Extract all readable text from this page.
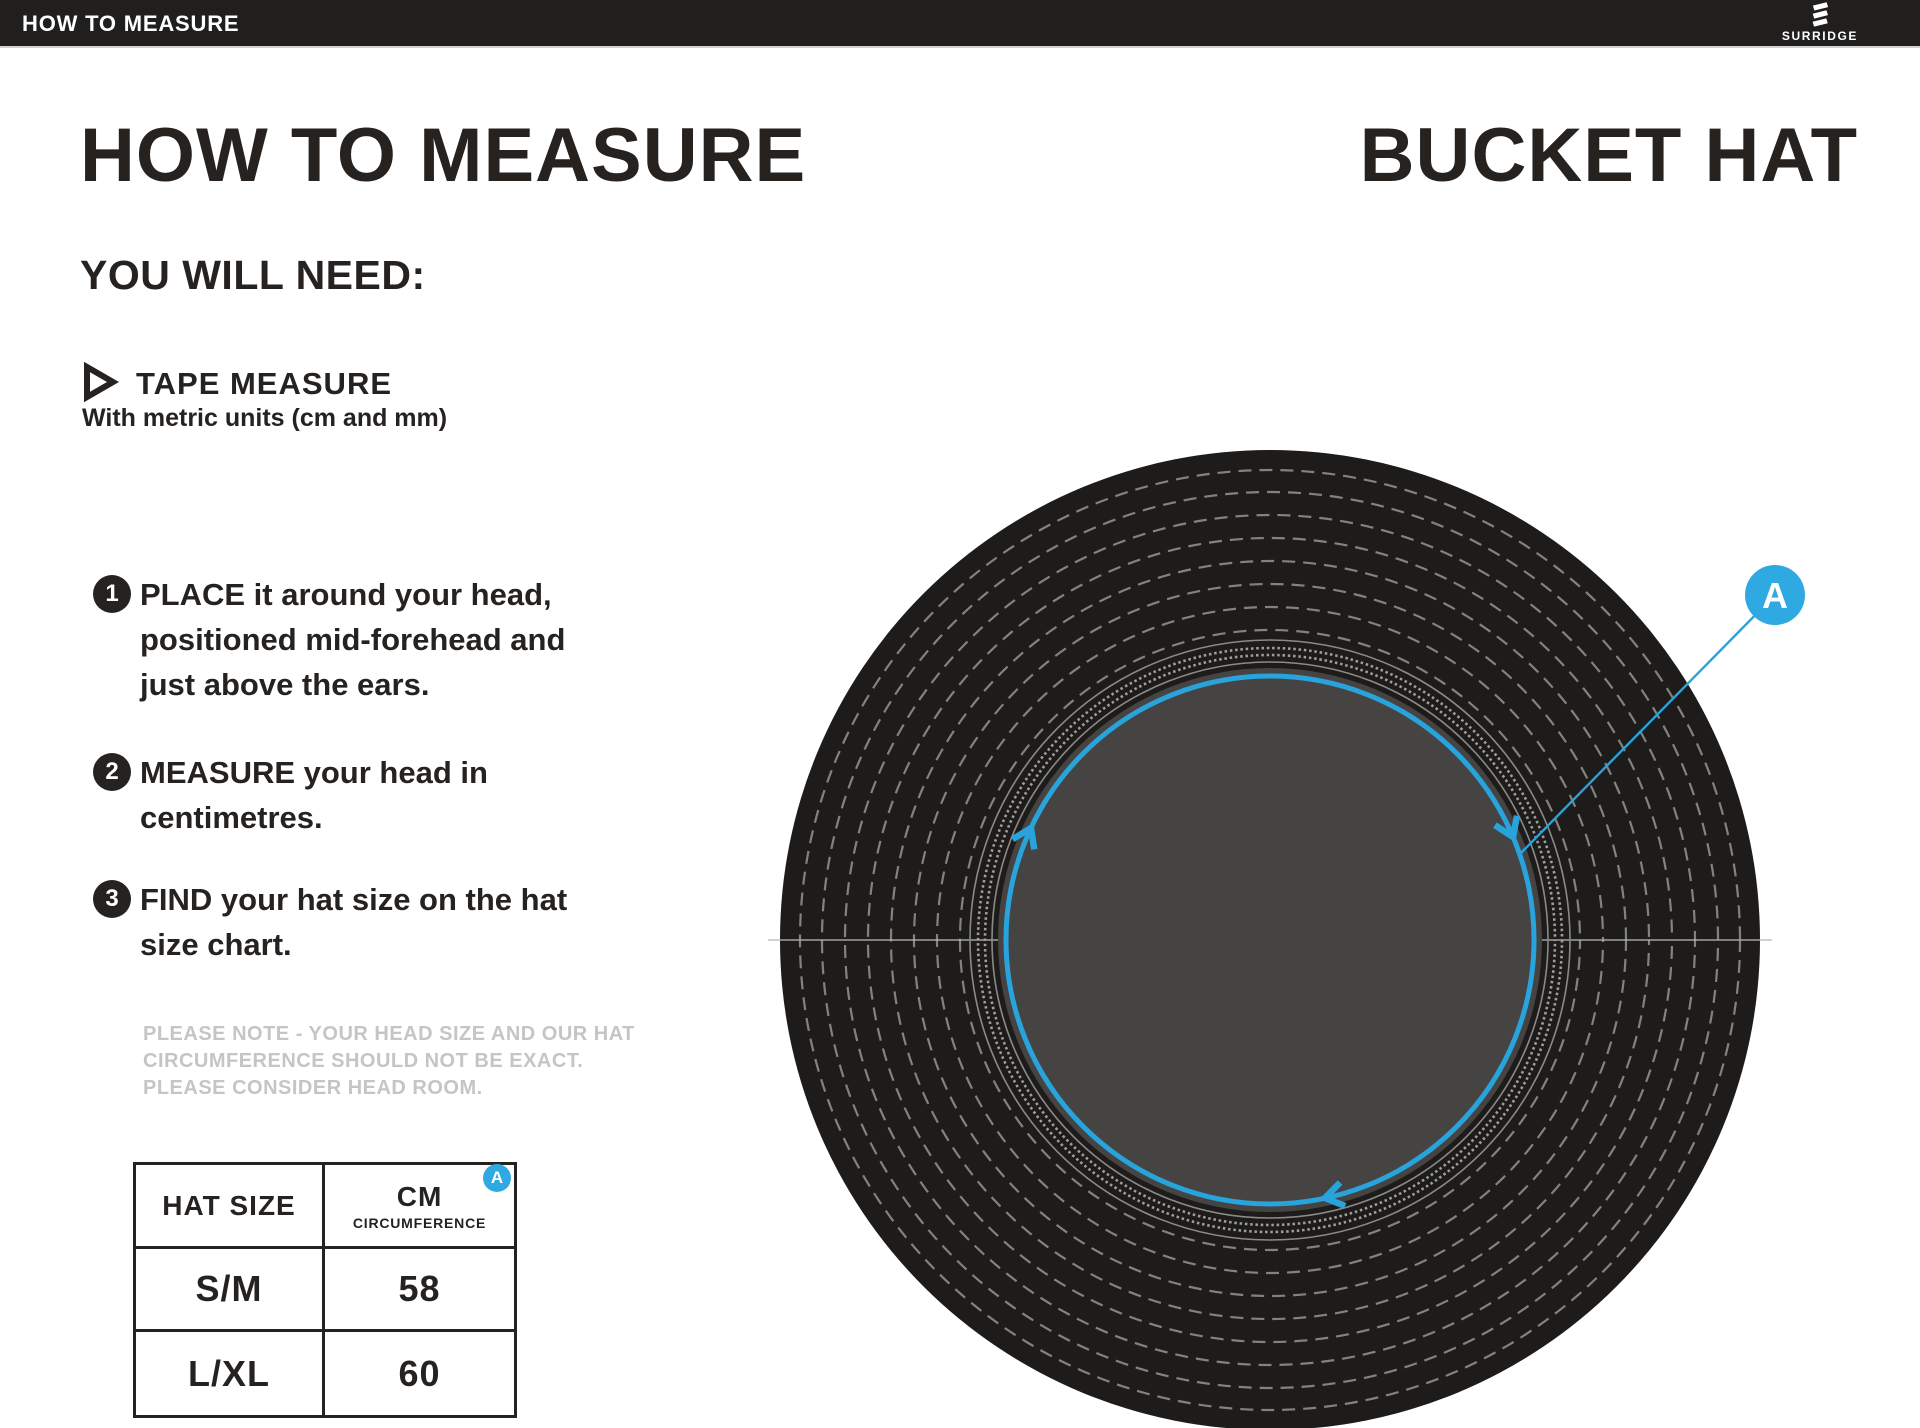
HOW TO MEASURE	SURRIDGE
HOW TO MEASURE	BUCKET HAT
YOU WILL NEED:
TAPE MEASURE
With metric units (cm and mm)
1 PLACE it around your head,
positioned mid-forehead and
just above the ears.
2 MEASURE your head in
centimetres.
3 FIND your hat size on the hat
size chart.
PLEASE NOTE - YOUR HEAD SIZE AND OUR HAT
CIRCUMFERENCE SHOULD NOT BE EXACT.
PLEASE CONSIDER HEAD ROOM.
HAT SIZE	CM
CIRCUMFERENCE
S/M	58
L/XL	60
A
A
